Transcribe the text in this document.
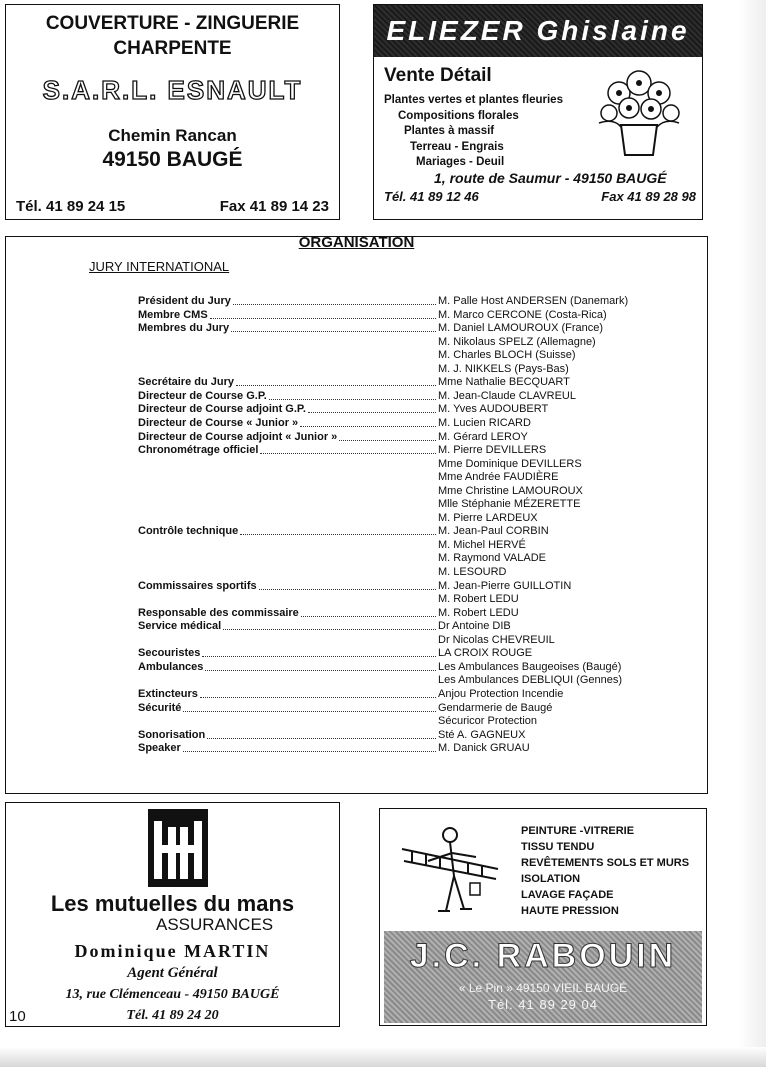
COUVERTURE - ZINGUERIE
CHARPENTE
S.A.R.L. ESNAULT
Chemin Rancan
49150 BAUGÉ
Tél. 41 89 24 15	Fax 41 89 14 23
ELIEZER Ghislaine
Vente Détail
Plantes vertes et plantes fleuries
Compositions florales
Plantes à massif
Terreau - Engrais
Mariages - Deuil
1, route de Saumur - 49150 BAUGÉ
Tél. 41 89 12 46	Fax 41 89 28 98
ORGANISATION
JURY INTERNATIONAL
Président du Jury	M. Palle Host ANDERSEN (Danemark)
Membre CMS	M. Marco CERCONE (Costa-Rica)
Membres du Jury	M. Daniel LAMOUROUX (France)
M. Nikolaus SPELZ (Allemagne)
M. Charles BLOCH (Suisse)
M. J. NIKKELS (Pays-Bas)
Secrétaire du Jury	Mme Nathalie BECQUART
Directeur de Course G.P.	M. Jean-Claude CLAVREUL
Directeur de Course adjoint G.P.	M. Yves AUDOUBERT
Directeur de Course « Junior »	M. Lucien RICARD
Directeur de Course adjoint « Junior »	M. Gérard LEROY
Chronométrage officiel	M. Pierre DEVILLERS
Mme Dominique DEVILLERS
Mme Andrée FAUDIÈRE
Mme Christine LAMOUROUX
Mlle Stéphanie MÉZERETTE
M. Pierre LARDEUX
Contrôle technique	M. Jean-Paul CORBIN
M. Michel HERVÉ
M. Raymond VALADE
M. LESOURD
Commissaires sportifs	M. Jean-Pierre GUILLOTIN
M. Robert LEDU
Responsable des commissaire	M. Robert LEDU
Service médical	Dr Antoine DIB
Dr Nicolas CHEVREUIL
Secouristes	LA CROIX ROUGE
Ambulances	Les Ambulances Baugeoises (Baugé)
Les Ambulances DEBLIQUI (Gennes)
Extincteurs	Anjou Protection Incendie
Sécurité	Gendarmerie de Baugé
Sécuricor Protection
Sonorisation	Sté A. GAGNEUX
Speaker	M. Danick GRUAU
Les mutuelles du mans
ASSURANCES
Dominique MARTIN
Agent Général
13, rue Clémenceau - 49150 BAUGÉ
Tél. 41 89 24 20
10
PEINTURE -VITRERIE
TISSU TENDU
REVÊTEMENTS SOLS ET MURS
ISOLATION
LAVAGE FAÇADE
HAUTE PRESSION
J.C. RABOUIN
« Le Pin » 49150 VIEIL BAUGÉ
Tél. 41 89 29 04
